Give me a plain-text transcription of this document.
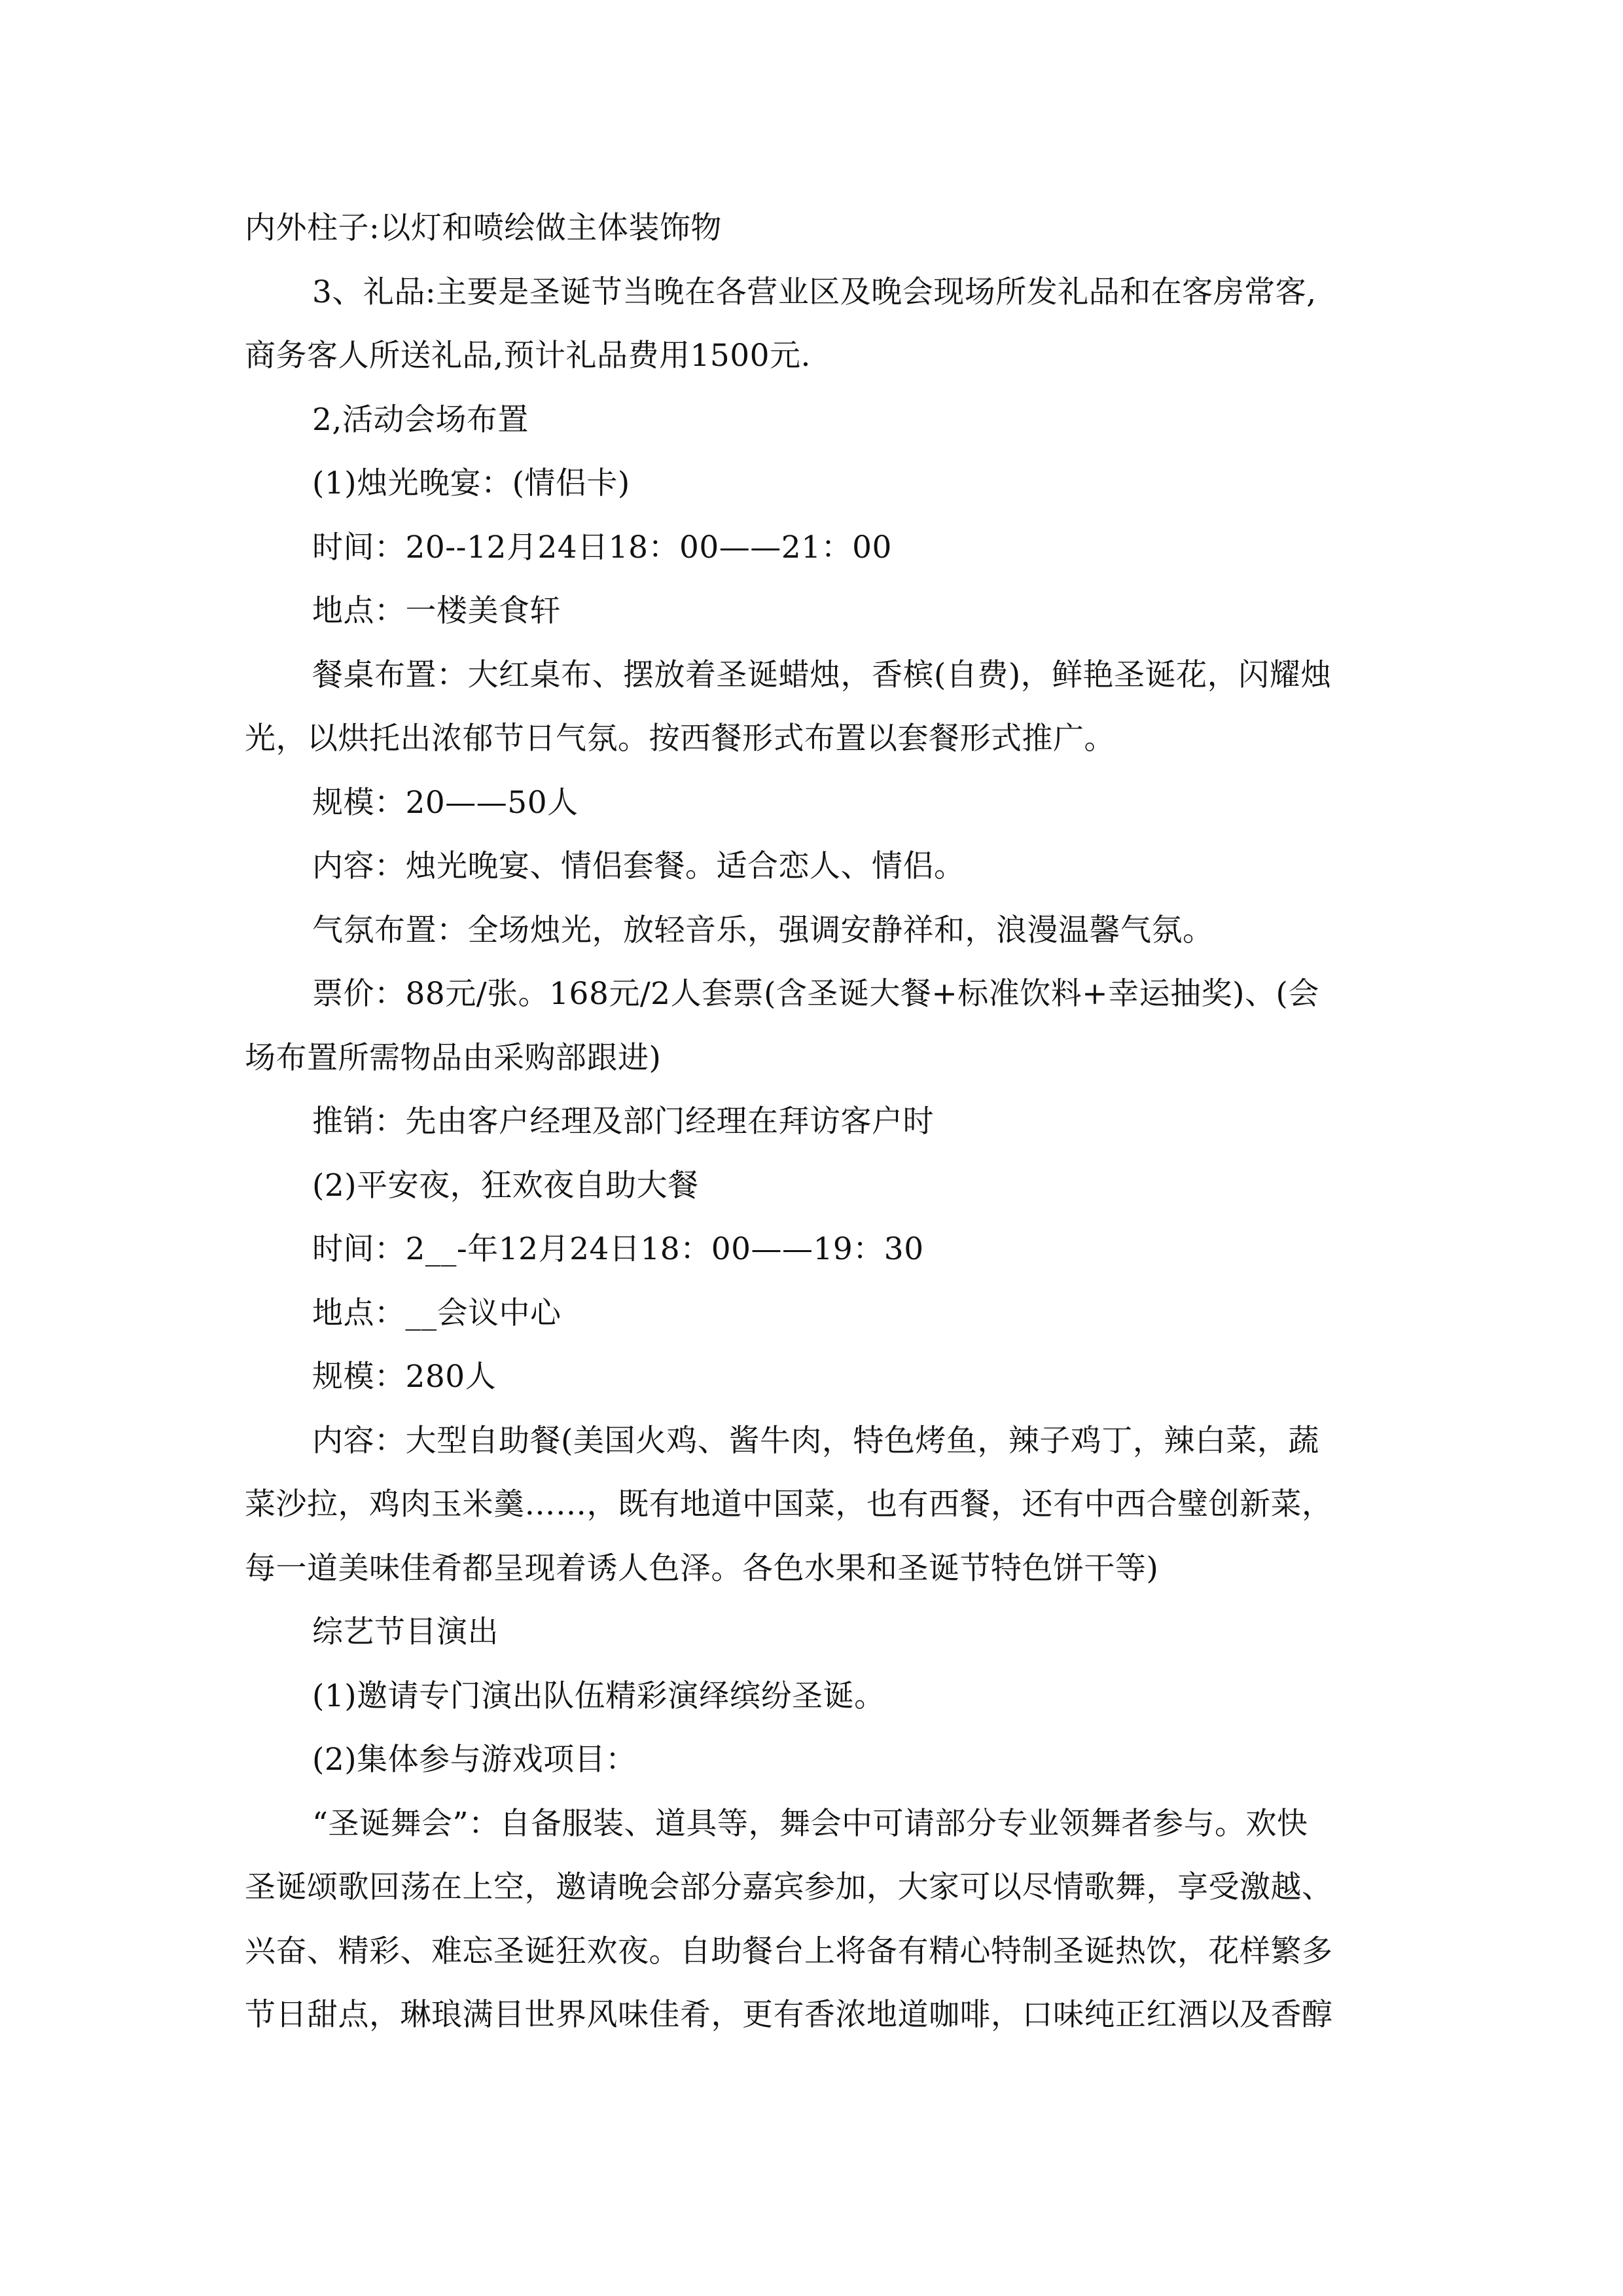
内外柱子:以灯和喷绘做主体装饰物
3、礼品:主要是圣诞节当晚在各营业区及晚会现场所发礼品和在客房常客,
商务客人所送礼品,预计礼品费用1500元.
2,活动会场布置
(1)烛光晚宴：(情侣卡)
时间：20--12月24日18：00——21：00
地点：一楼美食轩
餐桌布置：大红桌布、摆放着圣诞蜡烛，香槟(自费)，鲜艳圣诞花，闪耀烛
光，以烘托出浓郁节日气氛。按西餐形式布置以套餐形式推广。
规模：20——50人
内容：烛光晚宴、情侣套餐。适合恋人、情侣。
气氛布置：全场烛光，放轻音乐，强调安静祥和，浪漫温馨气氛。
票价：88元/张。168元/2人套票(含圣诞大餐+标准饮料+幸运抽奖)、(会
场布置所需物品由采购部跟进)
推销：先由客户经理及部门经理在拜访客户时
(2)平安夜，狂欢夜自助大餐
时间：2__-年12月24日18：00——19：30
地点：__会议中心
规模：280人
内容：大型自助餐(美国火鸡、酱牛肉，特色烤鱼，辣子鸡丁，辣白菜，蔬
菜沙拉，鸡肉玉米羹……，既有地道中国菜，也有西餐，还有中西合璧创新菜，
每一道美味佳肴都呈现着诱人色泽。各色水果和圣诞节特色饼干等)
综艺节目演出
(1)邀请专门演出队伍精彩演绎缤纷圣诞。
(2)集体参与游戏项目：
“圣诞舞会”：自备服装、道具等，舞会中可请部分专业领舞者参与。欢快
圣诞颂歌回荡在上空，邀请晚会部分嘉宾参加，大家可以尽情歌舞，享受激越、
兴奋、精彩、难忘圣诞狂欢夜。自助餐台上将备有精心特制圣诞热饮，花样繁多
节日甜点，琳琅满目世界风味佳肴，更有香浓地道咖啡，口味纯正红酒以及香醇
